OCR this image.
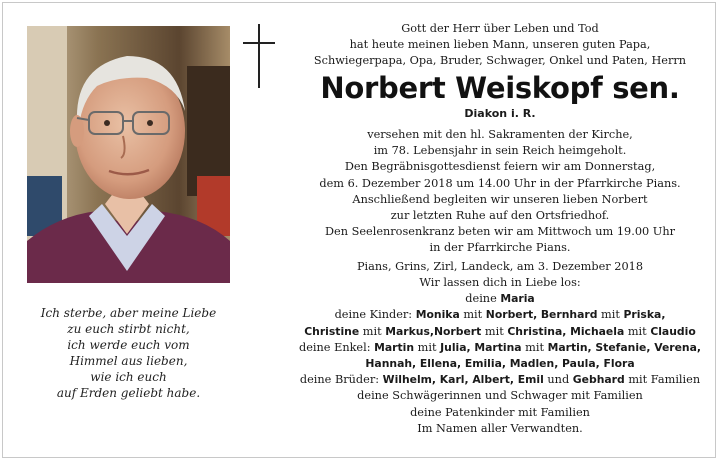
Ich sterbe, aber meine Liebe
zu euch stirbt nicht,
ich werde euch vom
Himmel aus lieben,
wie ich euch
auf Erden geliebt habe.
Gott der Herr über Leben und Tod
hat heute meinen lieben Mann, unseren guten Papa,
Schwiegerpapa, Opa, Bruder, Schwager, Onkel und Paten, Herrn
Norbert Weiskopf sen.
Diakon i. R.
versehen mit den hl. Sakramenten der Kirche,
im 78. Lebensjahr in sein Reich heimgeholt.
Den Begräbnisgottesdienst feiern wir am Donnerstag,
dem 6. Dezember 2018 um 14.00 Uhr in der Pfarrkirche Pians.
Anschließend begleiten wir unseren lieben Norbert
zur letzten Ruhe auf den Ortsfriedhof.
Den Seelenrosenkranz beten wir am Mittwoch um 19.00 Uhr
in der Pfarrkirche Pians.
Pians, Grins, Zirl, Landeck, am 3. Dezember 2018
Wir lassen dich in Liebe los:
deine Maria
deine Kinder: Monika mit Norbert, Bernhard mit Priska,
Christine mit Markus,Norbert mit Christina, Michaela mit Claudio
deine Enkel: Martin mit Julia, Martina mit Martin, Stefanie, Verena,
Hannah, Ellena, Emilia, Madlen, Paula, Flora
deine Brüder: Wilhelm, Karl, Albert, Emil und Gebhard mit Familien
deine Schwägerinnen und Schwager mit Familien
deine Patenkinder mit Familien
Im Namen aller Verwandten.
